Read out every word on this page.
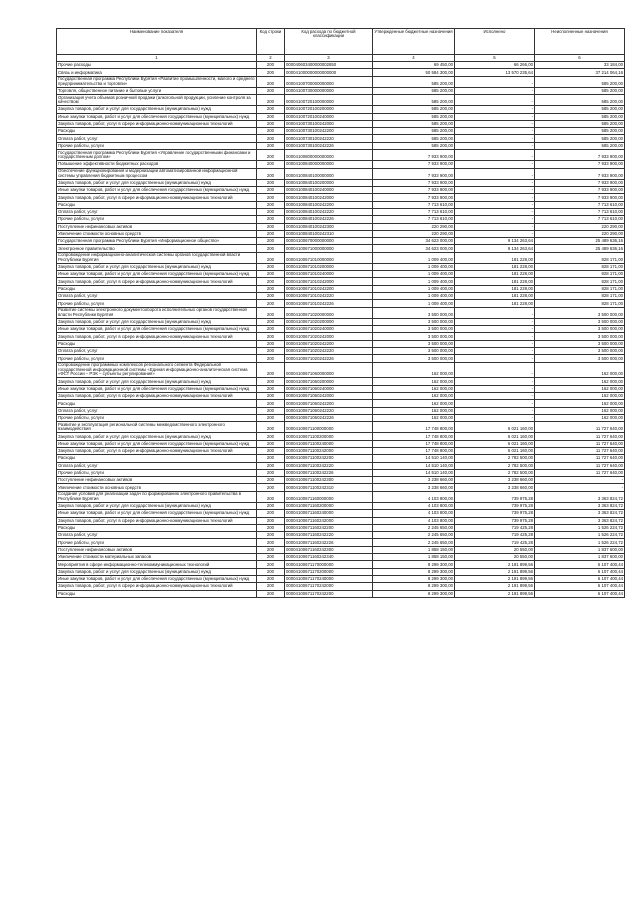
Наименование показателя	Код строки	Код расхода по бюджетной классификации	Утвержденные бюджетные назначения	Исполнено	Неисполненные назначения
1	2	3	4	5	6
Прочие расходы	200	000040603400000002850	69 450,00	66 266,00	33 184,00
Связь и информатика	200	000041000000000000000	50 584 300,00	13 570 235,64	37 214 064,16
Государственная программа Республики Бурятия «Развитие промышленности, малого и среднего предпринимательства и торговли»	200	00004100700000000000	585 200,00	-	585 200,00
Торговля, общественное питание и бытовые услуги	200	00004100730000000000	585 200,00	-	585 200,00
Организация учета объемов розничной продажи (алкогольной продукции, усиление контроля за качеством	200	00004100720100000000	585 200,00	-	585 200,00
Закупка товаров, работ и услуг для государственных (муниципальных) нужд	200	00004100720100200000	585 200,00	-	585 200,00
Иные закупки товаров, работ и услуг для обеспечения государственных (муниципальных) нужд	200	00004100720100240000	585 200,00	-	585 200,00
Закупка товаров, работ, услуг в сфере информационно-коммуникационных технологий	200	00004100730100242000	585 200,00	-	585 200,00
Расходы	200	00004100730100242200	585 200,00	-	585 200,00
Оплата работ, услуг	200	00004100730100242220	585 200,00	-	585 200,00
Прочие работы, услуги	200	00004100730100242226	585 200,00	-	585 200,00
Государственная программа Республики Бурятия «Управление государственными финансами и государственным долгом»	200	00004100800000000000	7 933 900,00	-	7 933 900,00
Повышение эффективности бюджетных расходов	200	00004100840000000000	7 933 900,00	-	7 933 900,00
Обеспечение функционирования и модернизации автоматизированной информационной системы управления бюджетным процессом	200	00004100840100000000	7 933 900,00	-	7 933 900,00
Закупка товаров, работ и услуг для государственных (муниципальных) нужд	200	00004100840100200000	7 933 900,00	-	7 933 900,00
Иные закупки товаров, работ и услуг для обеспечения государственных (муниципальных) нужд	200	00004100840100240000	7 933 900,00	-	7 933 900,00
Закупка товаров, работ, услуг в сфере информационно-коммуникационных технологий	200	00004100840100242000	7 933 900,00	-	7 933 900,00
Расходы	200	00004100840100242200	7 713 610,00	-	7 713 610,00
Оплата работ, услуг	200	00004100840100242220	7 713 610,00	-	7 713 610,00
Прочие работы, услуги	200	00004100840100242226	7 713 610,00	-	7 713 610,00
Поступление нефинансовых активов	200	00004100840100242300	220 290,00	-	220 290,00
Увеличение стоимости основных средств	200	00004100840100242310	220 290,00	-	220 290,00
Государственная программа Республики Бурятия «Информационное общество»	200	00004100670000000000	34 623 000,00	9 134 263,64	25 489 636,16
Электронное правительство	200	00004100671000000000	34 623 000,00	9 134 263,64	25 489 636,16
Сопровождение информационно-аналитической системы органов государственной власти Республики Бурятия	200	00004100671010000000	1 009 400,00	181 228,00	828 171,00
Закупка товаров, работ и услуг для государственных (муниципальных) нужд	200	00004100671010200000	1 009 400,00	181 228,00	828 171,00
Иные закупки товаров, работ и услуг для обеспечения государственных (муниципальных) нужд	200	00004100671010240000	1 009 400,00	181 228,00	828 171,00
Закупка товаров, работ, услуг в сфере информационно-коммуникационных технологий	200	00004100671010242000	1 009 400,00	181 228,00	828 171,00
Расходы	200	00004100671010242200	1 009 400,00	181 228,00	828 171,00
Оплата работ, услуг	200	00004100671010242220	1 009 400,00	181 228,00	828 171,00
Прочие работы, услуги	200	00004100671010242226	1 009 400,00	181 228,00	828 171,00
Развитие системы электронного документооборота исполнительных органов государственной власти Республики Бурятия	200	00004100671020000000	3 500 000,00	-	3 500 000,00
Закупка товаров, работ и услуг для государственных (муниципальных) нужд	200	00004100671020200000	3 500 000,00	-	3 500 000,00
Иные закупки товаров, работ и услуг для обеспечения государственных (муниципальных) нужд	200	00004100671020240000	3 500 000,00	-	3 500 000,00
Закупка товаров, работ, услуг в сфере информационно-коммуникационных технологий	200	00004100671020242000	3 500 000,00	-	3 500 000,00
Расходы	200	00004100671020242200	3 500 000,00	-	3 500 000,00
Оплата работ, услуг	200	00004100671020242220	3 500 000,00	-	3 500 000,00
Прочие работы, услуги	200	00004100671020242226	3 500 000,00	-	3 500 000,00
Сопровождение программных комплексов регионального сегмента Федеральной государственной информационной системы «Единая информационно-аналитическая система «ФСТ России – РЭК – субъекты регулирования»	200	00004100671060000000	162 000,00	-	162 000,00
Закупка товаров, работ и услуг для государственных (муниципальных) нужд	200	00004100671060200000	162 000,00	-	162 000,00
Иные закупки товаров, работ и услуг для обеспечения государственных (муниципальных) нужд	200	00004100671060240000	162 000,00	-	162 000,00
Закупка товаров, работ, услуг в сфере информационно-коммуникационных технологий	200	00004100671060242000	162 000,00	-	162 000,00
Расходы	200	00004100671060242200	162 000,00	-	162 000,00
Оплата работ, услуг	200	00004100671060242220	162 000,00	-	162 000,00
Прочие работы, услуги	200	00004100671060242226	162 000,00	-	162 000,00
Развитие и эксплуатация региональной системы межведомственного электронного взаимодействия	200	00004100671100000000	17 748 800,00	6 021 160,00	11 727 640,00
Закупка товаров, работ и услуг для государственных (муниципальных) нужд	200	00004100671100200000	17 748 800,00	6 021 160,00	11 727 640,00
Иные закупки товаров, работ и услуг для обеспечения государственных (муниципальных) нужд	200	00004100671100240000	17 748 800,00	6 021 160,00	11 727 640,00
Закупка товаров, работ, услуг в сфере информационно-коммуникационных технологий	200	00004100671100242000	17 748 800,00	6 021 160,00	11 727 640,00
Расходы	200	00004100671100242200	14 510 140,00	2 782 500,00	11 727 640,00
Оплата работ, услуг	200	00004100671100242220	14 510 140,00	2 782 500,00	11 727 640,00
Прочие работы, услуги	200	00004100671100242226	14 510 140,00	2 782 500,00	11 727 640,00
Поступление нефинансовых активов	200	00004100671100242300	3 238 660,00	3 238 660,00	-
Увеличение стоимости основных средств	200	00004100671100242310	3 238 660,00	3 238 660,00	-
Создание условий для реализации задач по формированию электронного правительства в Республике Бурятия	200	00004100671160000000	4 103 800,00	739 975,28	3 363 824,72
Закупка товаров, работ и услуг для государственных (муниципальных) нужд	200	00004100671160200000	4 103 800,00	739 975,28	3 363 824,72
Иные закупки товаров, работ и услуг для обеспечения государственных (муниципальных) нужд	200	00004100671160240000	4 103 800,00	739 975,28	3 363 824,72
Закупка товаров, работ, услуг в сфере информационно-коммуникационных технологий	200	00004100671160242000	4 103 800,00	739 975,28	3 363 824,72
Расходы	200	00004100671160242200	2 245 650,00	719 425,28	1 526 224,72
Оплата работ, услуг	200	00004100671160242220	2 245 650,00	719 425,28	1 526 224,72
Прочие работы, услуги	200	00004100671160242226	2 245 650,00	719 425,28	1 526 224,72
Поступление нефинансовых активов	200	00004100671160242300	1 858 150,00	20 550,00	1 837 600,00
Увеличение стоимости материальных запасов	200	00004100671160242340	1 858 150,00	20 550,00	1 837 600,00
Мероприятия в сфере информационно-телекоммуникационных технологий	200	00004100671170000000	8 299 300,00	2 191 899,56	6 107 400,44
Закупка товаров, работ и услуг для государственных (муниципальных) нужд	200	00004100671170200000	8 299 300,00	2 191 899,56	6 107 400,44
Иные закупки товаров, работ и услуг для обеспечения государственных (муниципальных) нужд	200	00004100671170240000	8 299 300,00	2 191 899,56	6 107 400,44
Закупка товаров, работ, услуг в сфере информационно-коммуникационных технологий	200	00004100671170242000	8 299 300,00	2 191 899,56	6 107 400,44
Расходы	200	00004100671170242200	8 299 300,00	2 191 899,56	6 107 400,44
